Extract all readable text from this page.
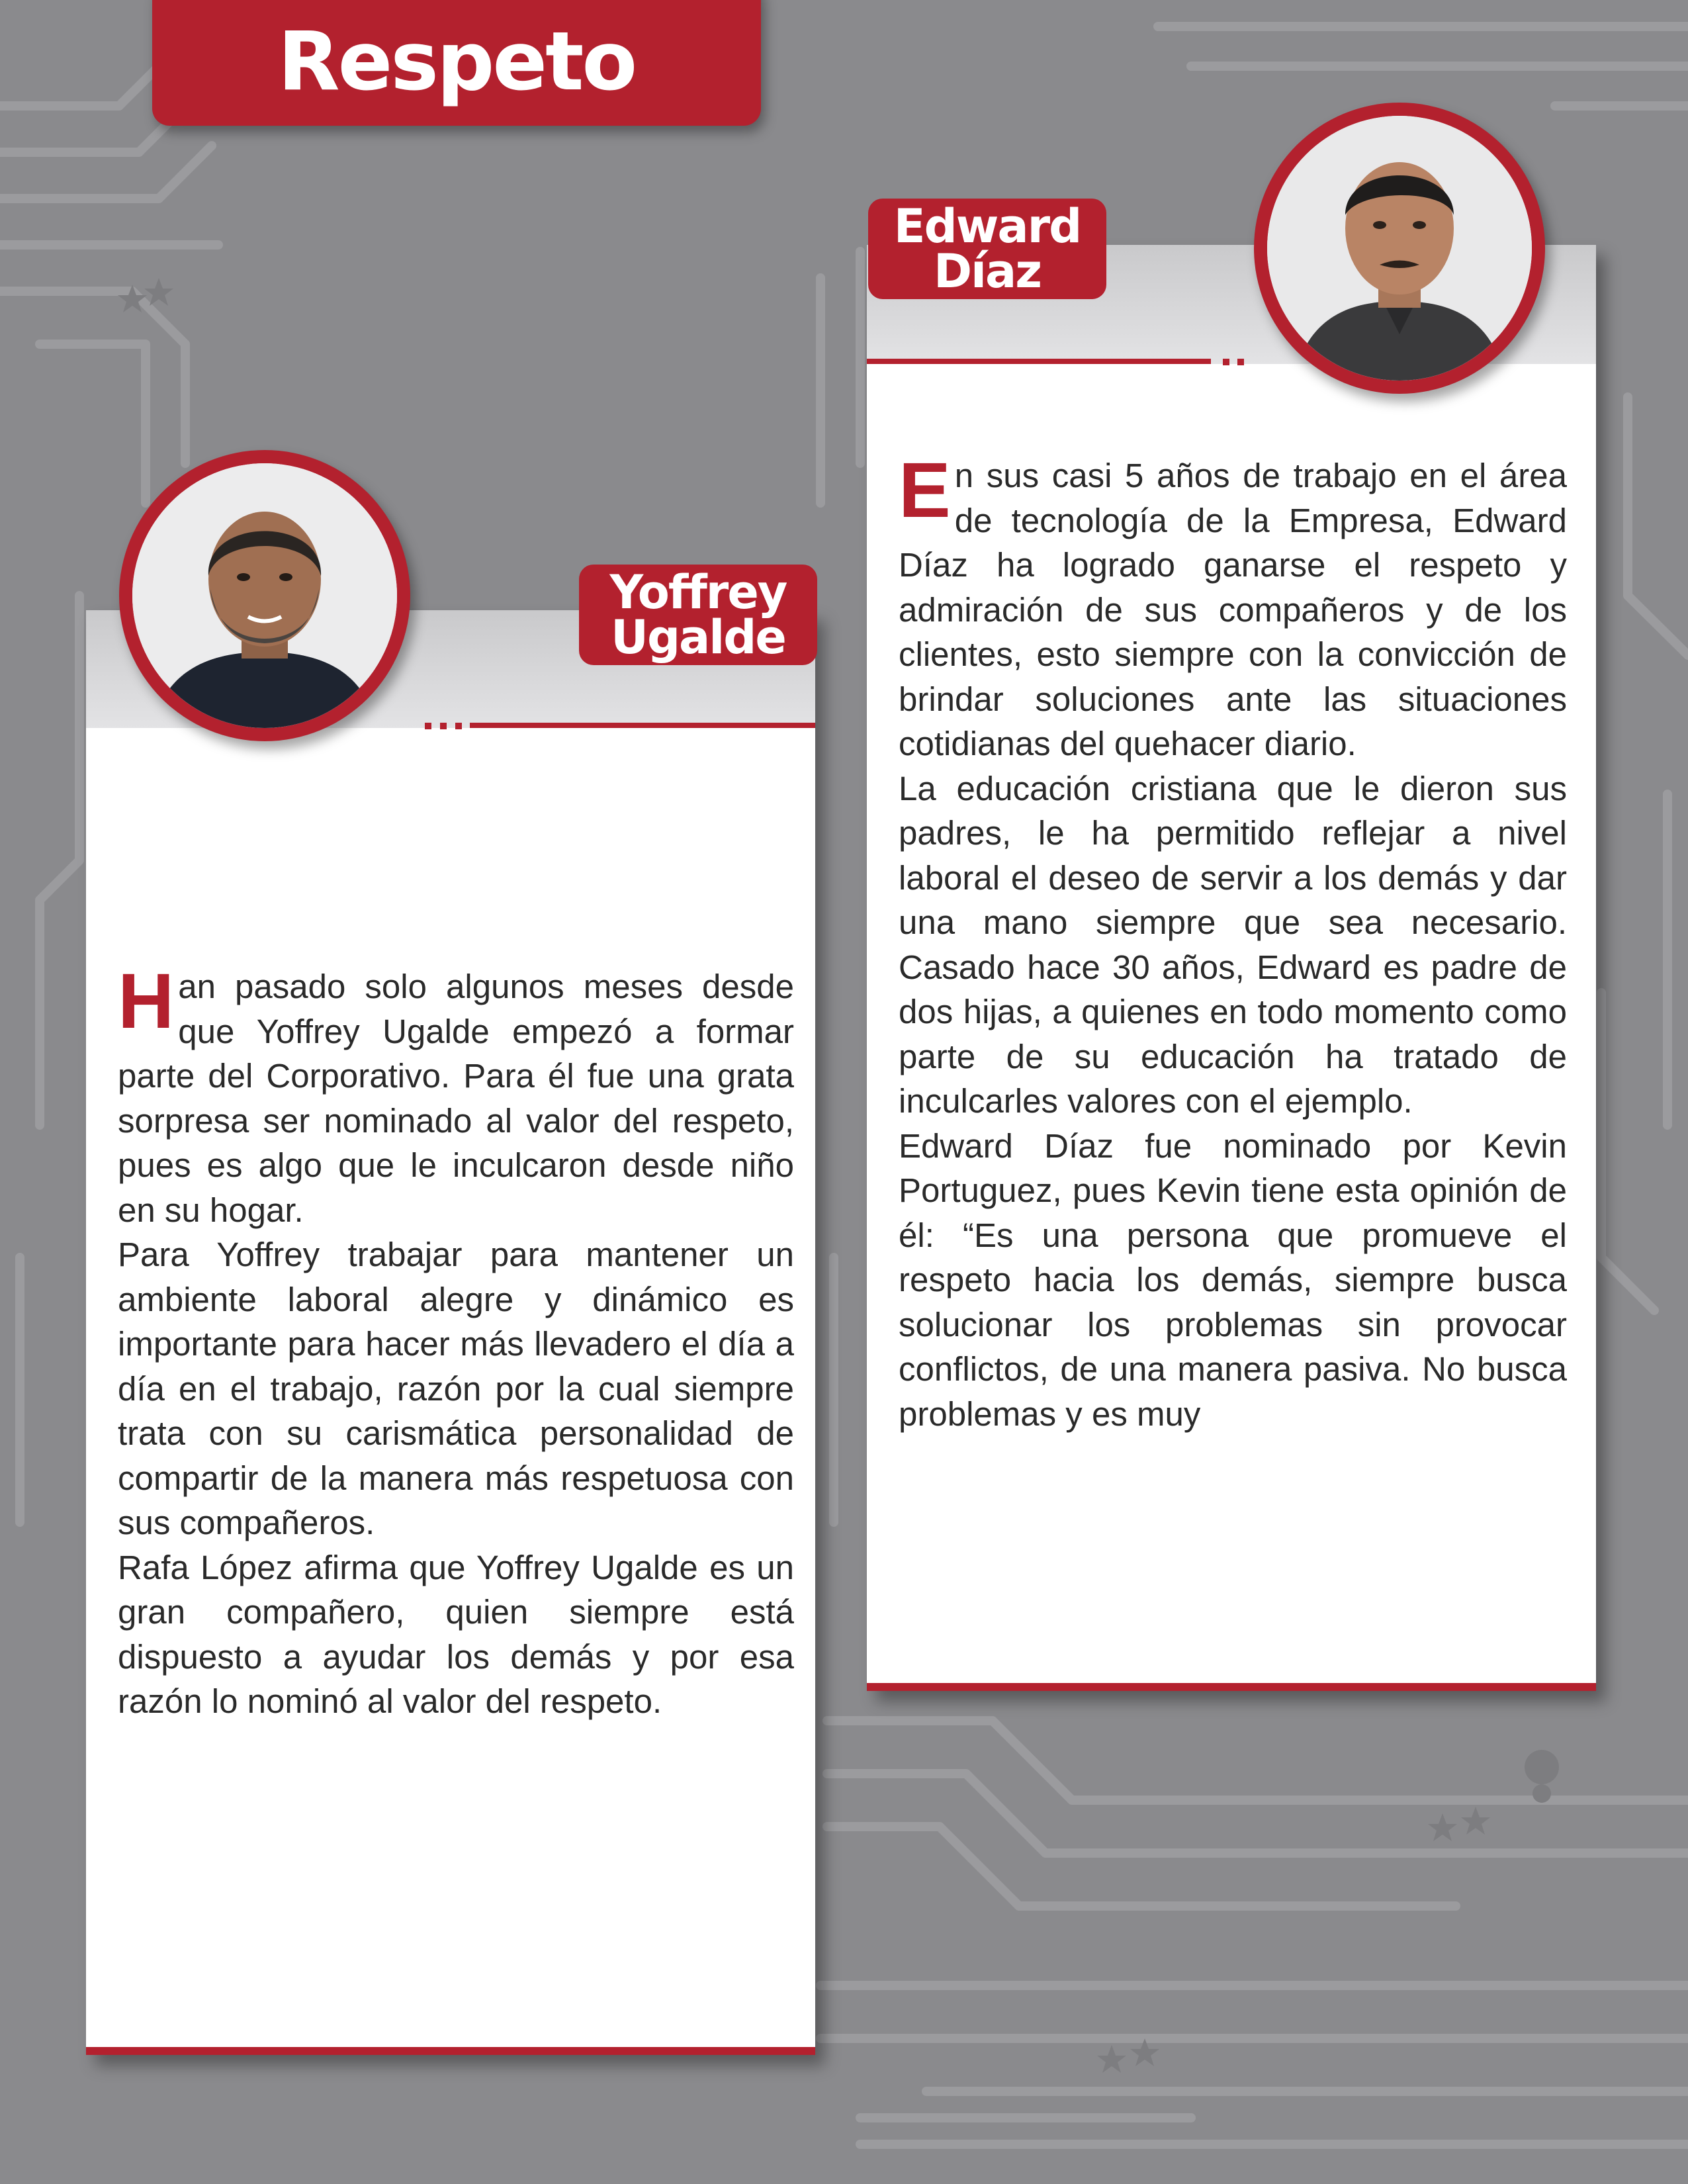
Respeto

En sus casi 5 años de trabajo en el área de tecnología de la Empresa, Edward Díaz ha logrado ganarse el respeto y admiración de sus compañeros y de los clientes, esto siempre con la convicción de brindar soluciones ante las situaciones cotidianas del quehacer diario.

La educación cristiana que le dieron sus padres, le ha permitido reflejar a nivel laboral el deseo de servir a los demás y dar una mano siempre que sea necesario. Casado hace 30 años, Edward es padre de dos hijas, a quienes en todo momento como parte de su educación ha tratado de inculcarles valores con el ejemplo.

Edward Díaz fue nominado por Kevin Portuguez, pues Kevin tiene esta opinión de él: “Es una persona que promueve el respeto hacia los demás, siempre busca solucionar los problemas sin provocar conflictos, de una manera pasiva. No busca problemas y es muy

Edward
Díaz

Han pasado solo algunos meses desde que Yoffrey Ugalde empezó a formar parte del Corporativo. Para él fue una grata sorpresa ser nominado al valor del respeto, pues es algo que le inculcaron desde niño en su hogar.

Para Yoffrey trabajar para mantener un ambiente laboral alegre y dinámico es importante para hacer más llevadero el día a día en el trabajo, razón por la cual siempre trata con su carismática personalidad de compartir de la manera más respetuosa con sus compañeros.

Rafa López afirma que Yoffrey Ugalde es un gran compañero, quien siempre está dispuesto a ayudar los demás y por esa razón lo nominó al valor del respeto.

Yoffrey
Ugalde
